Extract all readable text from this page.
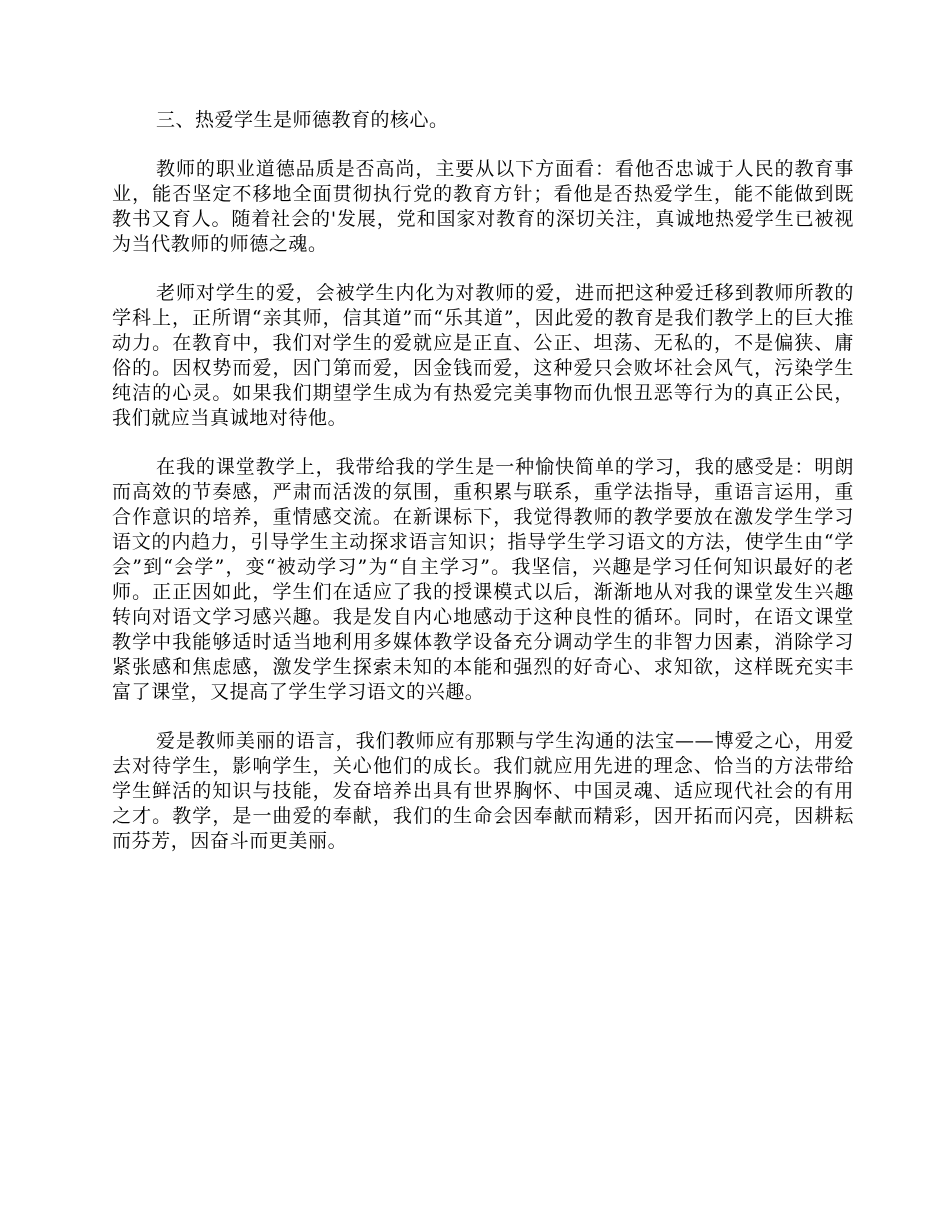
三、热爱学生是师德教育的核心。

教师的职业道德品质是否高尚，主要从以下方面看：看他否忠诚于人民的教育事业，能否坚定不移地全面贯彻执行党的教育方针；看他是否热爱学生，能不能做到既教书又育人。随着社会的'发展，党和国家对教育的深切关注，真诚地热爱学生已被视为当代教师的师德之魂。

老师对学生的爱，会被学生内化为对教师的爱，进而把这种爱迁移到教师所教的学科上，正所谓“亲其师，信其道”而“乐其道”，因此爱的教育是我们教学上的巨大推动力。在教育中，我们对学生的爱就应是正直、公正、坦荡、无私的，不是偏狭、庸俗的。因权势而爱，因门第而爱，因金钱而爱，这种爱只会败坏社会风气，污染学生纯洁的心灵。如果我们期望学生成为有热爱完美事物而仇恨丑恶等行为的真正公民，我们就应当真诚地对待他。

在我的课堂教学上，我带给我的学生是一种愉快简单的学习，我的感受是：明朗而高效的节奏感，严肃而活泼的氛围，重积累与联系，重学法指导，重语言运用，重合作意识的培养，重情感交流。在新课标下，我觉得教师的教学要放在激发学生学习语文的内趋力，引导学生主动探求语言知识；指导学生学习语文的方法，使学生由“学会”到“会学”，变“被动学习”为“自主学习”。我坚信，兴趣是学习任何知识最好的老师。正正因如此，学生们在适应了我的授课模式以后，渐渐地从对我的课堂发生兴趣转向对语文学习感兴趣。我是发自内心地感动于这种良性的循环。同时，在语文课堂教学中我能够适时适当地利用多媒体教学设备充分调动学生的非智力因素，消除学习紧张感和焦虑感，激发学生探索未知的本能和强烈的好奇心、求知欲，这样既充实丰富了课堂，又提高了学生学习语文的兴趣。

爱是教师美丽的语言，我们教师应有那颗与学生沟通的法宝——博爱之心，用爱去对待学生，影响学生，关心他们的成长。我们就应用先进的理念、恰当的方法带给学生鲜活的知识与技能，发奋培养出具有世界胸怀、中国灵魂、适应现代社会的有用之才。教学，是一曲爱的奉献，我们的生命会因奉献而精彩，因开拓而闪亮，因耕耘而芬芳，因奋斗而更美丽。
